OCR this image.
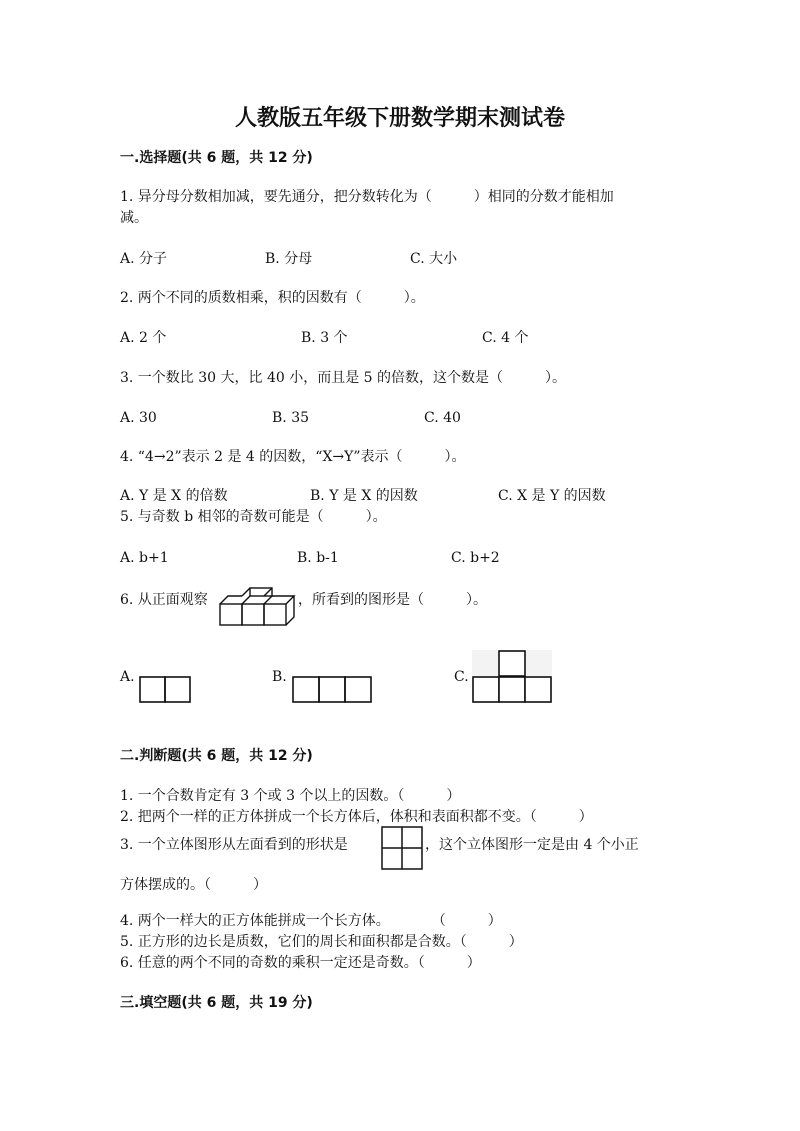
人教版五年级下册数学期末测试卷
一.选择题(共 6 题，共 12 分)
1. 异分母分数相加减，要先通分，把分数转化为（　　　）相同的分数才能相加
减。
A. 分子	B. 分母	C. 大小
2. 两个不同的质数相乘，积的因数有（　　　）。
A. 2 个	B. 3 个	C. 4 个
3. 一个数比 30 大，比 40 小，而且是 5 的倍数，这个数是（　　　）。
A. 30	B. 35	C. 40
4. “4→2”表示 2 是 4 的因数，“X→Y”表示（　　　）。
A. Y 是 X 的倍数	B. Y 是 X 的因数	C. X 是 Y 的因数
5. 与奇数 b 相邻的奇数可能是（　　　）。
A. b+1	B. b-1	C. b+2
6. 从正面观察	，所看到的图形是（　　　）。
A.	B.	C.
二.判断题(共 6 题，共 12 分)
1. 一个合数肯定有 3 个或 3 个以上的因数。（　　　）
2. 把两个一样的正方体拼成一个长方体后，体积和表面积都不变。（　　　）
3. 一个立体图形从左面看到的形状是	，这个立体图形一定是由 4 个小正
方体摆成的。（　　　）
4. 两个一样大的正方体能拼成一个长方体。　　　　（　　　）
5. 正方形的边长是质数，它们的周长和面积都是合数。（　　　）
6. 任意的两个不同的奇数的乘积一定还是奇数。（　　　）
三.填空题(共 6 题，共 19 分)
